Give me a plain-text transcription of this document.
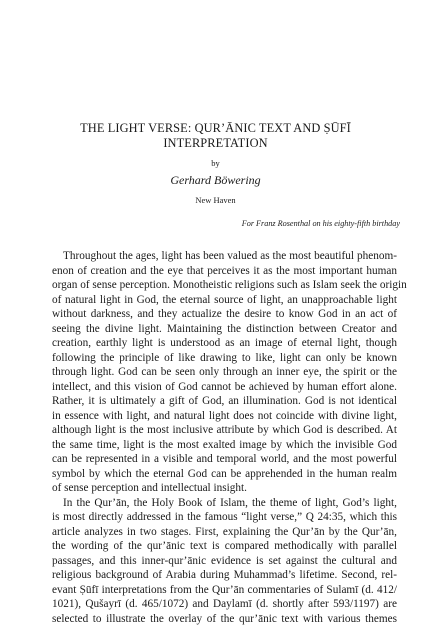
THE LIGHT VERSE: QUR’ĀNIC TEXT AND ṢŪFĪ
INTERPRETATION
by
Gerhard Böwering
New Haven
For Franz Rosenthal on his eighty-fifth birthday
Throughout the ages, light has been valued as the most beautiful phenom-
enon of creation and the eye that perceives it as the most important human
organ of sense perception. Monotheistic religions such as Islam seek the origin
of natural light in God, the eternal source of light, an unapproachable light
without darkness, and they actualize the desire to know God in an act of
seeing the divine light. Maintaining the distinction between Creator and
creation, earthly light is understood as an image of eternal light, though
following the principle of like drawing to like, light can only be known
through light. God can be seen only through an inner eye, the spirit or the
intellect, and this vision of God cannot be achieved by human effort alone.
Rather, it is ultimately a gift of God, an illumination. God is not identical
in essence with light, and natural light does not coincide with divine light,
although light is the most inclusive attribute by which God is described. At
the same time, light is the most exalted image by which the invisible God
can be represented in a visible and temporal world, and the most powerful
symbol by which the eternal God can be apprehended in the human realm
of sense perception and intellectual insight.
In the Qur’ān, the Holy Book of Islam, the theme of light, God’s light,
is most directly addressed in the famous “light verse,” Q 24:35, which this
article analyzes in two stages. First, explaining the Qur’ān by the Qur’ān,
the wording of the qur’ānic text is compared methodically with parallel
passages, and this inner-qur’ānic evidence is set against the cultural and
religious background of Arabia during Muhammad’s lifetime. Second, rel-
evant Ṣūfī interpretations from the Qur’ān commentaries of Sulamī (d. 412/
1021), Qušayrī (d. 465/1072) and Daylamī (d. shortly after 593/1197) are
selected to illustrate the overlay of the qur’ānic text with various themes
